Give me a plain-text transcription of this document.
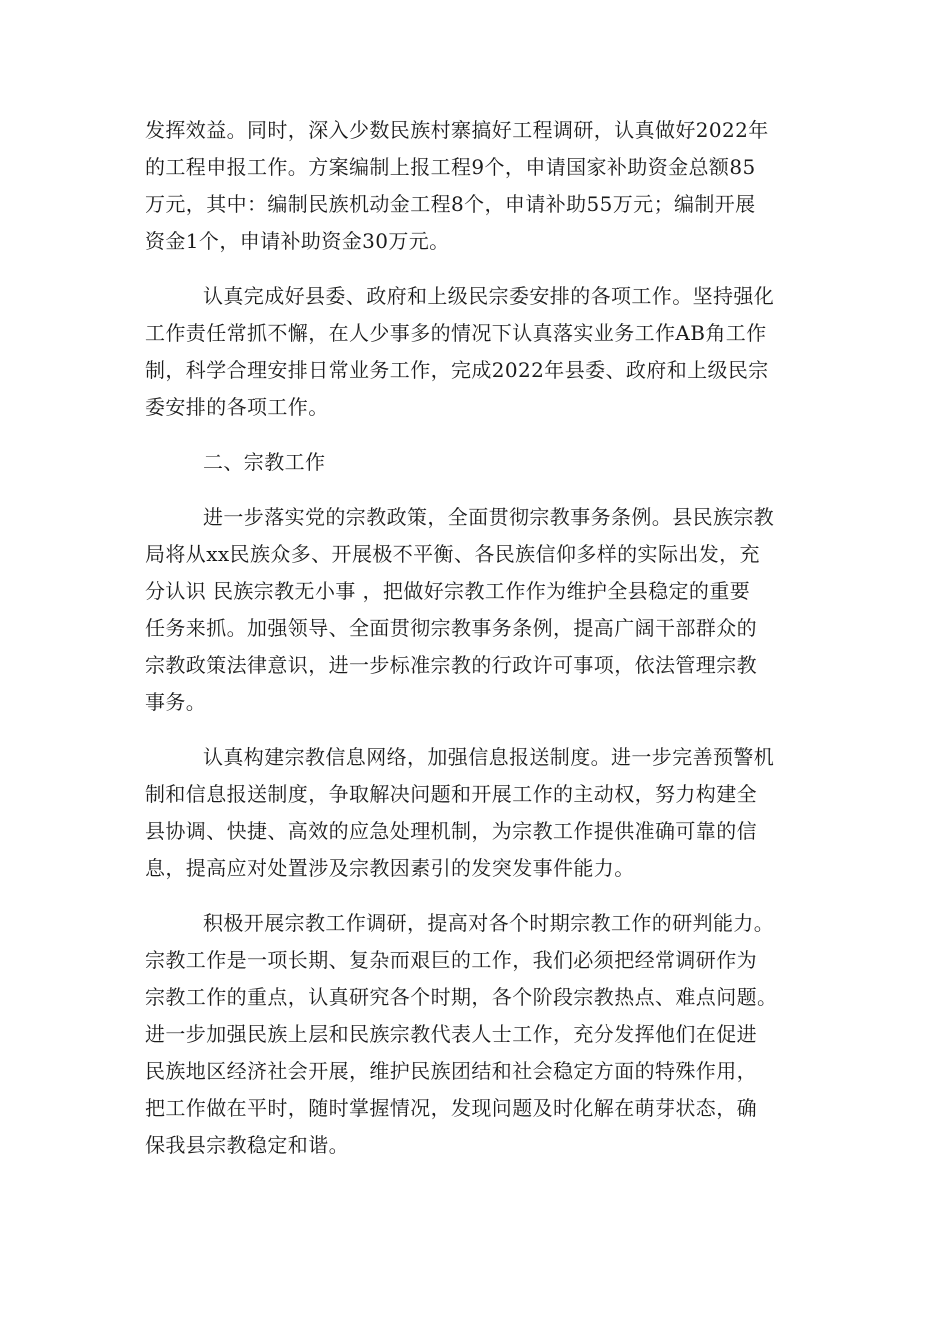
发挥效益。同时，深入少数民族村寨搞好工程调研，认真做好2022年
的工程申报工作。方案编制上报工程9个，申请国家补助资金总额85
万元，其中：编制民族机动金工程8个，申请补助55万元；编制开展
资金1个，申请补助资金30万元。
认真完成好县委、政府和上级民宗委安排的各项工作。坚持强化
工作责任常抓不懈，在人少事多的情况下认真落实业务工作AB角工作
制，科学合理安排日常业务工作，完成2022年县委、政府和上级民宗
委安排的各项工作。
二、宗教工作
进一步落实党的宗教政策，全面贯彻宗教事务条例。县民族宗教
局将从xx民族众多、开展极不平衡、各民族信仰多样的实际出发，充
分认识 民族宗教无小事 ，把做好宗教工作作为维护全县稳定的重要
任务来抓。加强领导、全面贯彻宗教事务条例，提高广阔干部群众的
宗教政策法律意识，进一步标准宗教的行政许可事项，依法管理宗教
事务。
认真构建宗教信息网络，加强信息报送制度。进一步完善预警机
制和信息报送制度，争取解决问题和开展工作的主动权，努力构建全
县协调、快捷、高效的应急处理机制，为宗教工作提供准确可靠的信
息，提高应对处置涉及宗教因素引的发突发事件能力。
积极开展宗教工作调研，提高对各个时期宗教工作的研判能力。
宗教工作是一项长期、复杂而艰巨的工作，我们必须把经常调研作为
宗教工作的重点，认真研究各个时期，各个阶段宗教热点、难点问题。
进一步加强民族上层和民族宗教代表人士工作，充分发挥他们在促进
民族地区经济社会开展，维护民族团结和社会稳定方面的特殊作用，
把工作做在平时，随时掌握情况，发现问题及时化解在萌芽状态，确
保我县宗教稳定和谐。
